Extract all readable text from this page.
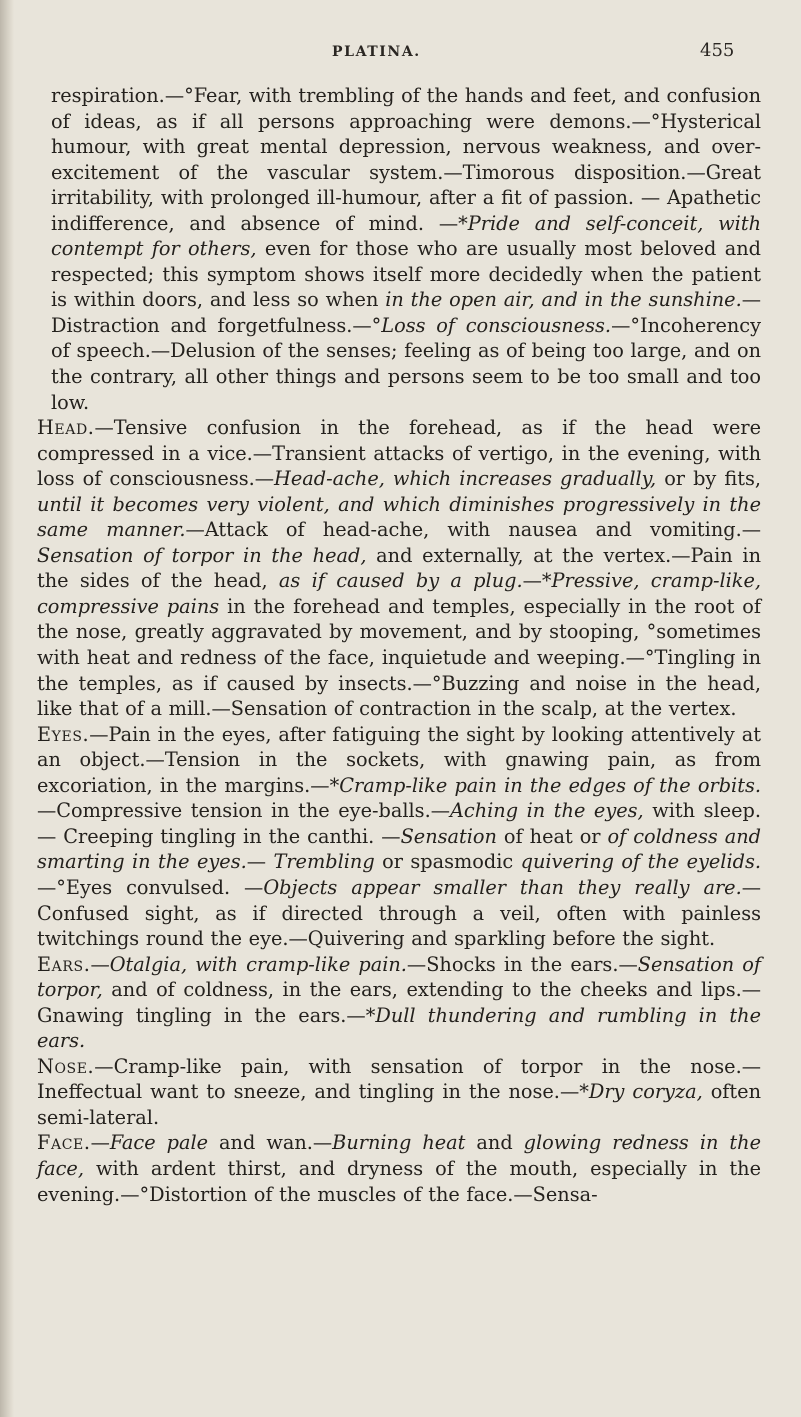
PLATINA.	455

respiration.—°Fear, with trembling of the hands and feet, and confusion of ideas, as if all persons approaching were demons.—°Hysterical humour, with great mental depression, nervous weakness, and over-excitement of the vascular system.—Timorous disposition.—Great irritability, with prolonged ill-humour, after a fit of passion. — Apathetic indifference, and absence of mind. —*Pride and self-conceit, with contempt for others, even for those who are usually most beloved and respected; this symptom shows itself more decidedly when the patient is within doors, and less so when in the open air, and in the sunshine.—Distraction and forgetfulness.—°Loss of consciousness.—°Incoherency of speech.—Delusion of the senses; feeling as of being too large, and on the contrary, all other things and persons seem to be too small and too low.

Head.—Tensive confusion in the forehead, as if the head were compressed in a vice.—Transient attacks of vertigo, in the evening, with loss of consciousness.—Head-ache, which increases gradually, or by fits, until it becomes very violent, and which diminishes progressively in the same manner.—Attack of head-ache, with nausea and vomiting.—Sensation of torpor in the head, and externally, at the vertex.—Pain in the sides of the head, as if caused by a plug.—*Pressive, cramp-like, compressive pains in the forehead and temples, especially in the root of the nose, greatly aggravated by movement, and by stooping, °sometimes with heat and redness of the face, inquietude and weeping.—°Tingling in the temples, as if caused by insects.—°Buzzing and noise in the head, like that of a mill.—Sensation of contraction in the scalp, at the vertex.

Eyes.—Pain in the eyes, after fatiguing the sight by looking attentively at an object.—Tension in the sockets, with gnawing pain, as from excoriation, in the margins.—*Cramp-like pain in the edges of the orbits.—Compressive tension in the eye-balls.—Aching in the eyes, with sleep. — Creeping tingling in the canthi. —Sensation of heat or of coldness and smarting in the eyes.— Trembling or spasmodic quivering of the eyelids.—°Eyes convulsed. —Objects appear smaller than they really are.—Confused sight, as if directed through a veil, often with painless twitchings round the eye.—Quivering and sparkling before the sight.

Ears.—Otalgia, with cramp-like pain.—Shocks in the ears.—Sensation of torpor, and of coldness, in the ears, extending to the cheeks and lips.—Gnawing tingling in the ears.—*Dull thundering and rumbling in the ears.

Nose.—Cramp-like pain, with sensation of torpor in the nose.— Ineffectual want to sneeze, and tingling in the nose.—*Dry coryza, often semi-lateral.

Face.—Face pale and wan.—Burning heat and glowing redness in the face, with ardent thirst, and dryness of the mouth, especially in the evening.—°Distortion of the muscles of the face.—Sensa-
